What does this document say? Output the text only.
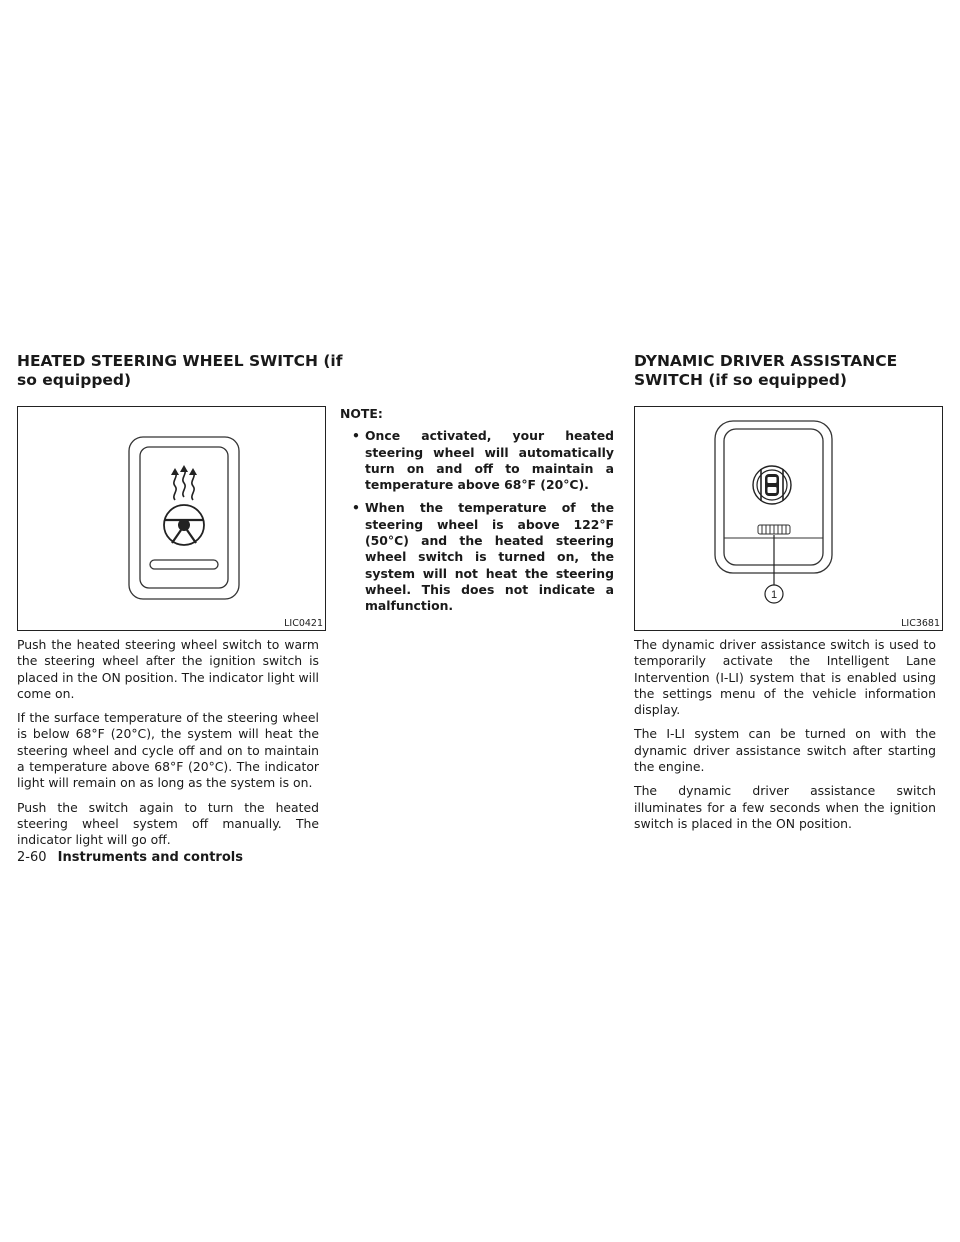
HEATED STEERING WHEEL SWITCH (if
so equipped)
LIC0421

Push the heated steering wheel switch to warm the steering wheel after the ignition switch is placed in the ON position. The indicator light will come on.

If the surface temperature of the steering wheel is below 68°F (20°C), the system will heat the steering wheel and cycle off and on to maintain a temperature above 68°F (20°C). The indicator light will remain on as long as the system is on.

Push the switch again to turn the heated steering wheel system off manually. The indicator light will go off.

NOTE:
• Once activated, your heated steering wheel will automatically turn on and off to maintain a temperature above 68°F (20°C).
• When the temperature of the steering wheel is above 122°F (50°C) and the heated steering wheel switch is turned on, the system will not heat the steering wheel. This does not indicate a malfunction.
DYNAMIC DRIVER ASSISTANCE
SWITCH (if so equipped)
1
LIC3681

The dynamic driver assistance switch is used to temporarily activate the Intelligent Lane Intervention (I-LI) system that is enabled using the settings menu of the vehicle information display.

The I-LI system can be turned on with the dynamic driver assistance switch after starting the engine.

The dynamic driver assistance switch illuminates for a few seconds when the ignition switch is placed in the ON position.

2-60 Instruments and controls
